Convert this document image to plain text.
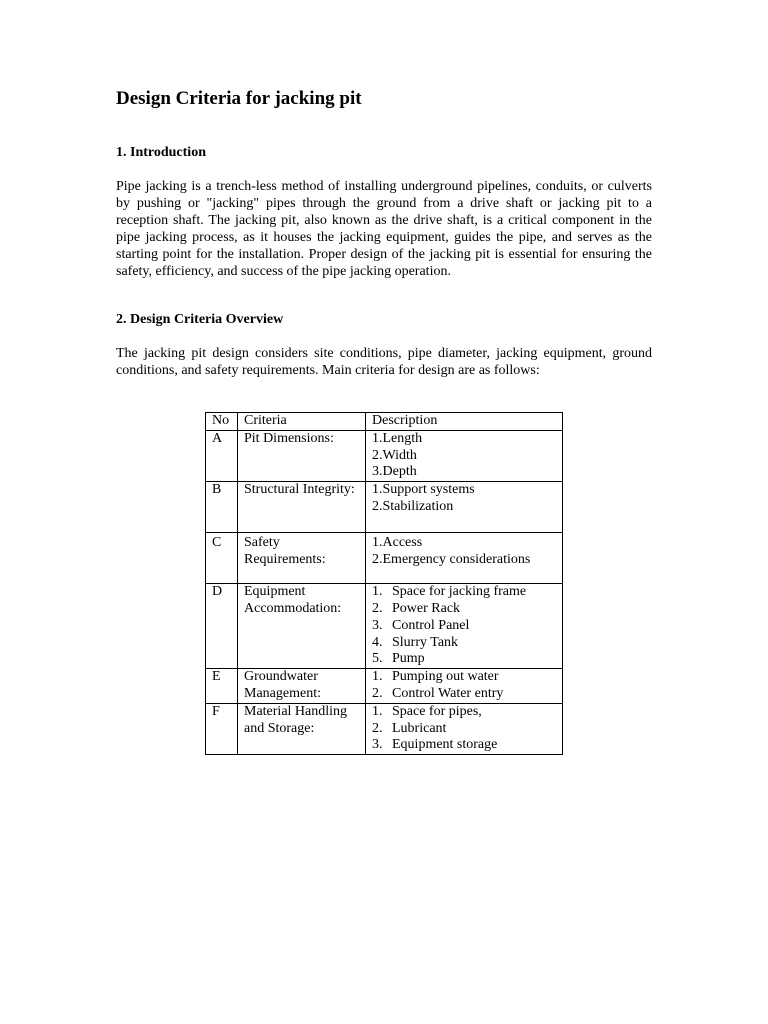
Design Criteria for jacking pit
1. Introduction

Pipe jacking is a trench-less method of installing underground pipelines, conduits, or culverts by pushing or "jacking" pipes through the ground from a drive shaft or jacking pit to a reception shaft. The jacking pit, also known as the drive shaft, is a critical component in the pipe jacking process, as it houses the jacking equipment, guides the pipe, and serves as the starting point for the installation. Proper design of the jacking pit is essential for ensuring the safety, efficiency, and success of the pipe jacking operation.

2. Design Criteria Overview

The jacking pit design considers site conditions, pipe diameter, jacking equipment, ground conditions, and safety requirements. Main criteria for design are as follows:

No	Criteria	Description
A	Pit Dimensions:	1.Length
2.Width
3.Depth

B	Structural Integrity:	1.Support systems
2.Stabilization

C	Safety Requirements:	1.Access
2.Emergency considerations

D	Equipment Accommodation:	1. Space for jacking frame
2. Power Rack
3. Control Panel
4. Slurry Tank
5. Pump

E	Groundwater Management:	1. Pumping out water
2. Control Water entry

F	Material Handling and Storage:	1. Space for pipes,
2. Lubricant
3. Equipment storage
